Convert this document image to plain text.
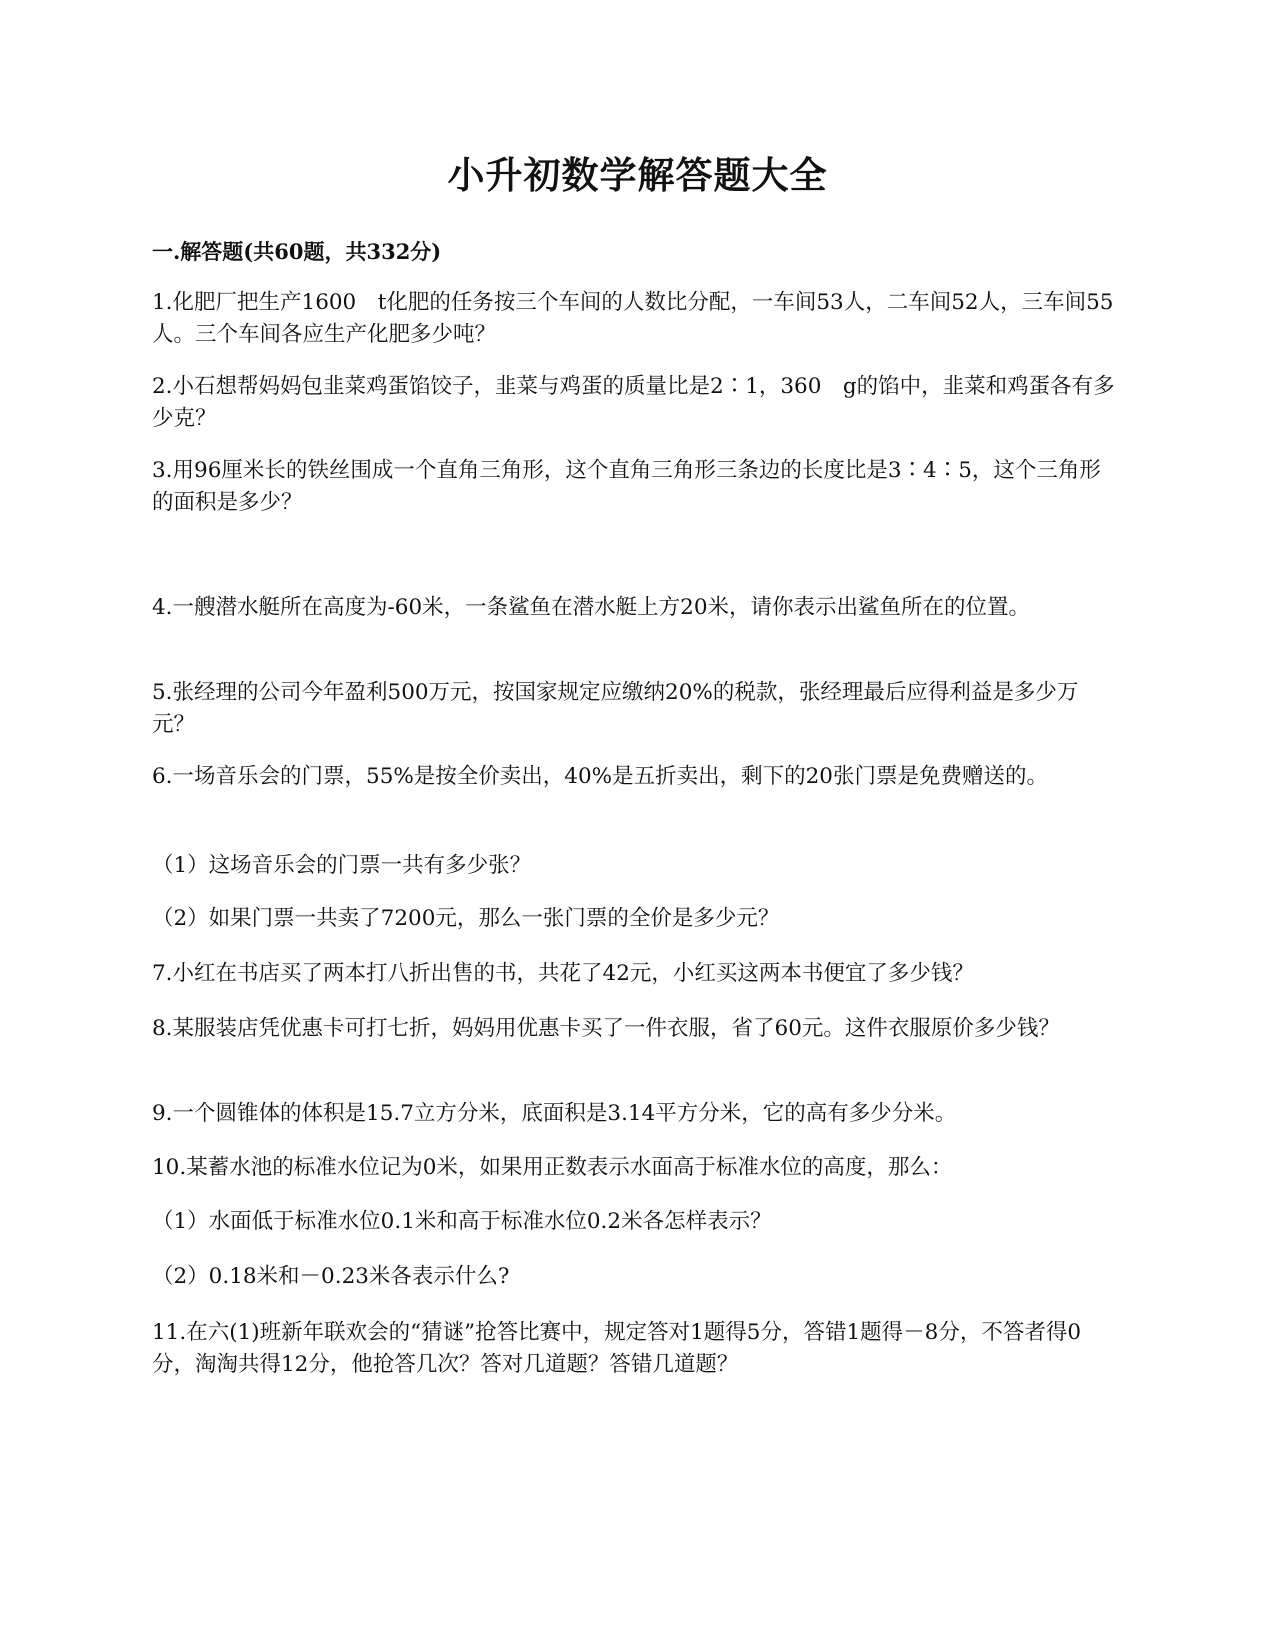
小升初数学解答题大全
一.解答题(共60题，共332分)

1.化肥厂把生产1600　t化肥的任务按三个车间的人数比分配，一车间53人，二车间52人，三车间55人。三个车间各应生产化肥多少吨？

2.小石想帮妈妈包韭菜鸡蛋馅饺子，韭菜与鸡蛋的质量比是2∶1，360　g的馅中，韭菜和鸡蛋各有多少克？

3.用96厘米长的铁丝围成一个直角三角形，这个直角三角形三条边的长度比是3∶4∶5，这个三角形的面积是多少？

4.一艘潜水艇所在高度为-60米，一条鲨鱼在潜水艇上方20米，请你表示出鲨鱼所在的位置。

5.张经理的公司今年盈利500万元，按国家规定应缴纳20%的税款，张经理最后应得利益是多少万元？

6.一场音乐会的门票，55%是按全价卖出，40%是五折卖出，剩下的20张门票是免费赠送的。

（1）这场音乐会的门票一共有多少张？

（2）如果门票一共卖了7200元，那么一张门票的全价是多少元？

7.小红在书店买了两本打八折出售的书，共花了42元，小红买这两本书便宜了多少钱？

8.某服装店凭优惠卡可打七折，妈妈用优惠卡买了一件衣服，省了60元。这件衣服原价多少钱？

9.一个圆锥体的体积是15.7立方分米，底面积是3.14平方分米，它的高有多少分米。

10.某蓄水池的标准水位记为0米，如果用正数表示水面高于标准水位的高度，那么：

（1）水面低于标准水位0.1米和高于标准水位0.2米各怎样表示？

（2）0.18米和－0.23米各表示什么?

11.在六(1)班新年联欢会的“猜谜”抢答比赛中，规定答对1题得5分，答错1题得－8分，不答者得0分，淘淘共得12分，他抢答几次？答对几道题？答错几道题？
